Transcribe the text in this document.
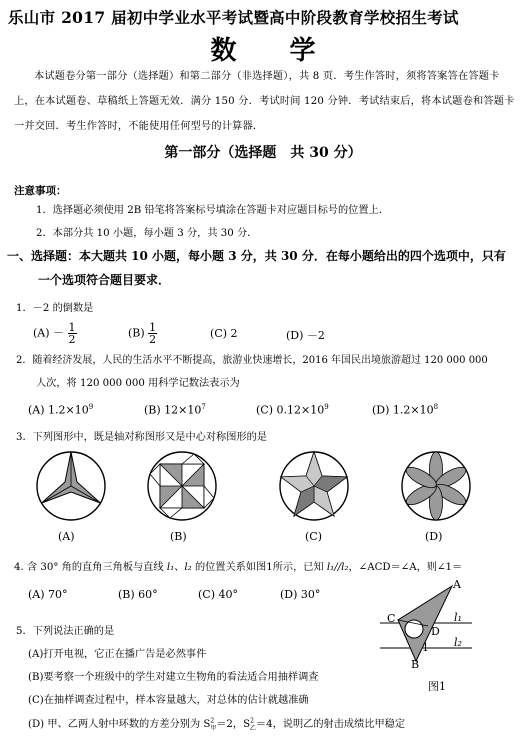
乐山市 2017 届初中学业水平考试暨高中阶段教育学校招生考试
数 学
本试题卷分第一部分（选择题）和第二部分（非选择题），共 8 页．考生作答时，须将答案答在答题卡上，在本试题卷、草稿纸上答题无效．满分 150 分．考试时间 120 分钟．考试结束后，将本试题卷和答题卡一并交回．考生作答时，不能使用任何型号的计算器．
第一部分（选择题　共 30 分）
注意事项：
1．选择题必须使用 2B 铅笔将答案标号填涂在答题卡对应题目标号的位置上．
2．本部分共 10 小题，每小题 3 分，共 30 分．
一、选择题：本大题共 10 小题，每小题 3 分，共 30 分．在每小题给出的四个选项中，只有
一个选项符合题目要求．
1．－2 的倒数是
$(A) - \frac{1}{2}$	$(B) \frac{1}{2}$	(C) 2	(D) －2
2．随着经济发展，人民的生活水平不断提高，旅游业快速增长，2016 年国民出境旅游超过 120 000 000
人次，将 120 000 000 用科学记数法表示为
(A) $1.2\times 10^9$	(B) $12\times 10^7$	(C) $0.12\times 10^9$	(D) $1.2\times 10^8$
3．下列图形中，既是轴对称图形又是中心对称图形的是
(A)	(B)	(C)	(D)
4. 含 30° 角的直角三角板与直线 l₁、l₂ 的位置关系如图1所示，已知 l₁//l₂，∠ACD＝∠A，则∠1＝
(A) 70°	(B) 60°	(C) 40°	(D) 30°
A
C
D
1
B
l₁
l₂
图1
5．下列说法正确的是
(A)打开电视，它正在播广告是必然事件
(B)要考察一个班级中的学生对建立生物角的看法适合用抽样调查
(C)在抽样调查过程中，样本容量越大，对总体的估计就越准确
(D) 甲、乙两人射中环数的方差分别为 $S^2_甲=2$，$S^2_乙=4$，说明乙的射击成绩比甲稳定
